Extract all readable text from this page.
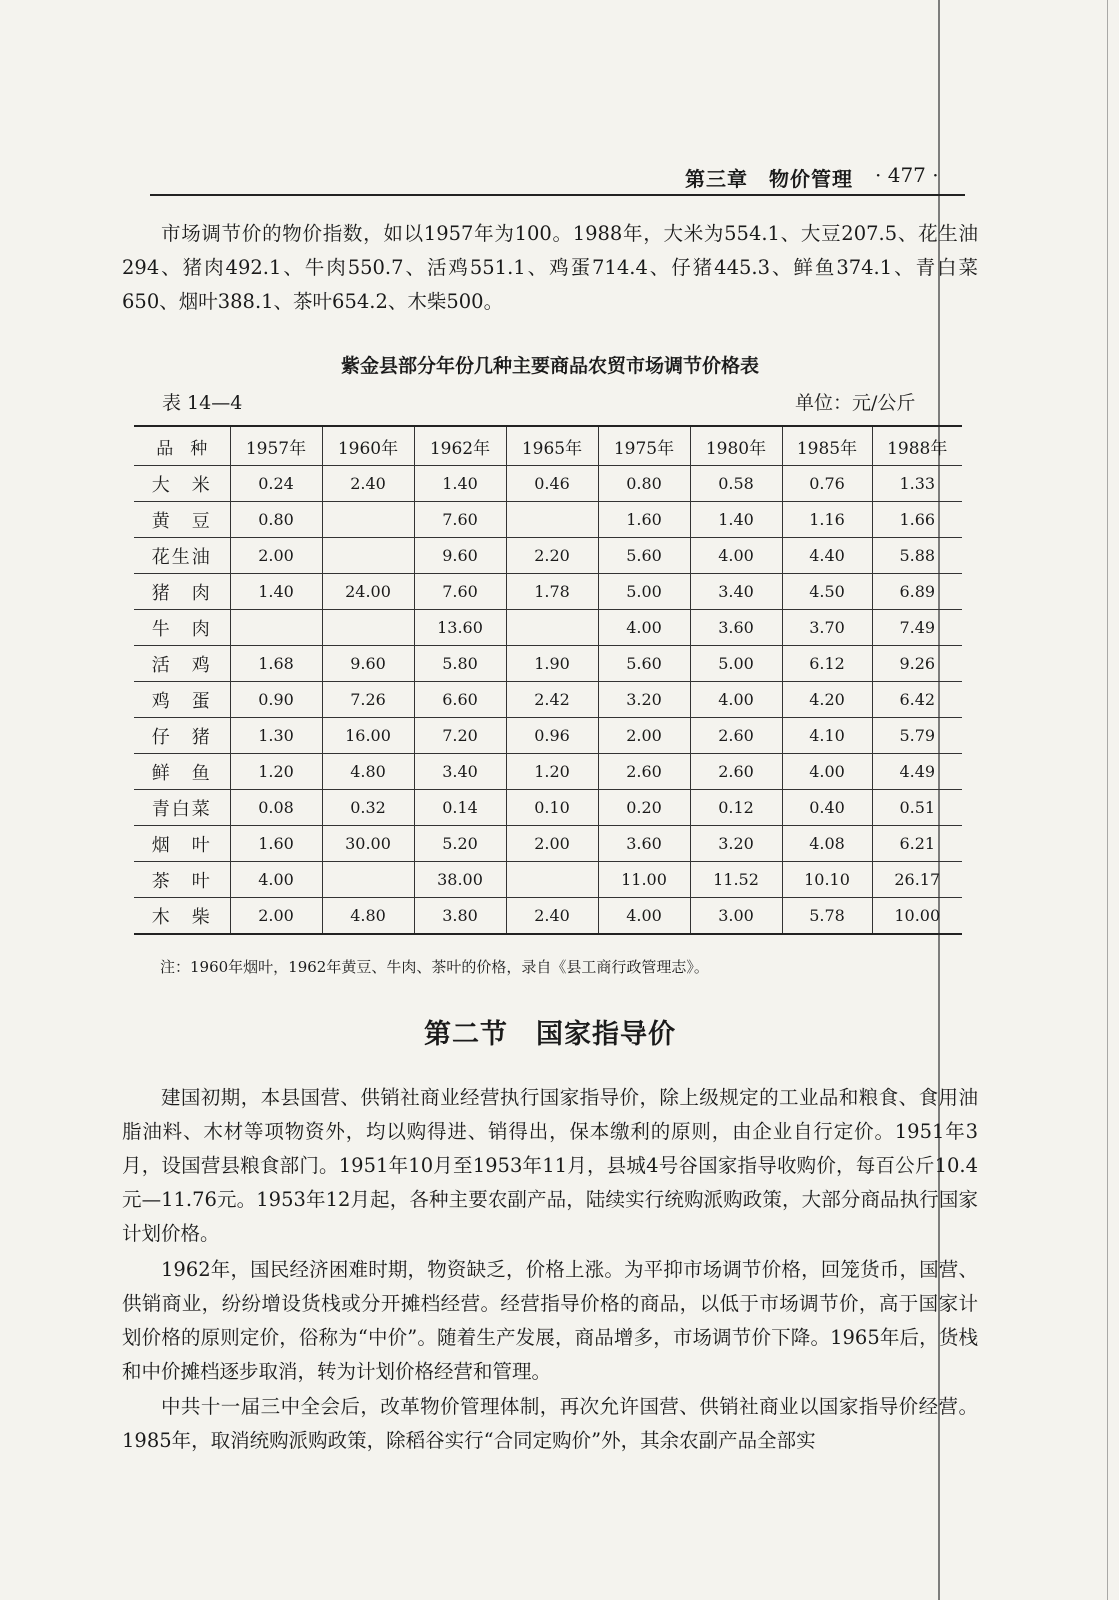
第三章　物价管理 · 477 ·

市场调节价的物价指数，如以1957年为100。1988年，大米为554.1、大豆207.5、花生油294、猪肉492.1、牛肉550.7、活鸡551.1、鸡蛋714.4、仔猪445.3、鲜鱼374.1、青白菜650、烟叶388.1、茶叶654.2、木柴500。

紫金县部分年份几种主要商品农贸市场调节价格表
表 14—4	单位：元/公斤
品　种	1957年	1960年	1962年	1965年	1975年	1980年	1985年	1988年
大　米	0.24	2.40	1.40	0.46	0.80	0.58	0.76	1.33
黄　豆	0.80		7.60		1.60	1.40	1.16	1.66
花生油	2.00		9.60	2.20	5.60	4.00	4.40	5.88
猪　肉	1.40	24.00	7.60	1.78	5.00	3.40	4.50	6.89
牛　肉			13.60		4.00	3.60	3.70	7.49
活　鸡	1.68	9.60	5.80	1.90	5.60	5.00	6.12	9.26
鸡　蛋	0.90	7.26	6.60	2.42	3.20	4.00	4.20	6.42
仔　猪	1.30	16.00	7.20	0.96	2.00	2.60	4.10	5.79
鲜　鱼	1.20	4.80	3.40	1.20	2.60	2.60	4.00	4.49
青白菜	0.08	0.32	0.14	0.10	0.20	0.12	0.40	0.51
烟　叶	1.60	30.00	5.20	2.00	3.60	3.20	4.08	6.21
茶　叶	4.00		38.00		11.00	11.52	10.10	26.17
木　柴	2.00	4.80	3.80	2.40	4.00	3.00	5.78	10.00
注：1960年烟叶，1962年黄豆、牛肉、茶叶的价格，录自《县工商行政管理志》。
第二节　国家指导价

建国初期，本县国营、供销社商业经营执行国家指导价，除上级规定的工业品和粮食、食用油脂油料、木材等项物资外，均以购得进、销得出，保本缴利的原则，由企业自行定价。1951年3月，设国营县粮食部门。1951年10月至1953年11月，县城4号谷国家指导收购价，每百公斤10.4元—11.76元。1953年12月起，各种主要农副产品，陆续实行统购派购政策，大部分商品执行国家计划价格。

1962年，国民经济困难时期，物资缺乏，价格上涨。为平抑市场调节价格，回笼货币，国营、供销商业，纷纷增设货栈或分开摊档经营。经营指导价格的商品，以低于市场调节价，高于国家计划价格的原则定价，俗称为“中价”。随着生产发展，商品增多，市场调节价下降。1965年后，货栈和中价摊档逐步取消，转为计划价格经营和管理。

中共十一届三中全会后，改革物价管理体制，再次允许国营、供销社商业以国家指导价经营。1985年，取消统购派购政策，除稻谷实行“合同定购价”外，其余农副产品全部实
